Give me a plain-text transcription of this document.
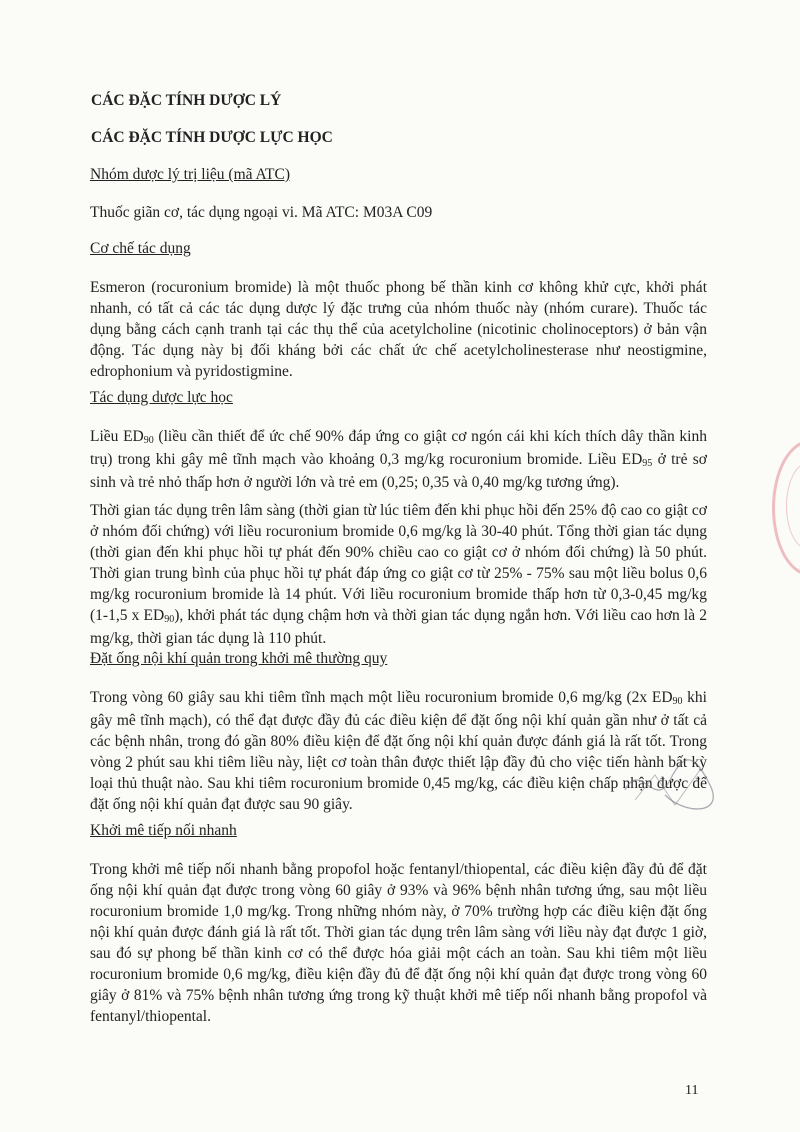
CÁC ĐẶC TÍNH DƯỢC LÝ
CÁC ĐẶC TÍNH DƯỢC LỰC HỌC

Nhóm dược lý trị liệu (mã ATC)

Thuốc giãn cơ, tác dụng ngoại vi. Mã ATC: M03A C09

Cơ chế tác dụng

Esmeron (rocuronium bromide) là một thuốc phong bế thần kinh cơ không khử cực, khởi phát nhanh, có tất cả các tác dụng dược lý đặc trưng của nhóm thuốc này (nhóm curare). Thuốc tác dụng bằng cách cạnh tranh tại các thụ thể của acetylcholine (nicotinic cholinoceptors) ở bản vận động. Tác dụng này bị đối kháng bởi các chất ức chế acetylcholinesterase như neostigmine, edrophonium và pyridostigmine.

Tác dụng dược lực học

Liều $ED_{90}$ (liều cần thiết để ức chế 90% đáp ứng co giật cơ ngón cái khi kích thích dây thần kinh trụ) trong khi gây mê tĩnh mạch vào khoảng 0,3 mg/kg rocuronium bromide. Liều $ED_{95}$ ở trẻ sơ sinh và trẻ nhỏ thấp hơn ở người lớn và trẻ em (0,25; 0,35 và 0,40 mg/kg tương ứng).

Thời gian tác dụng trên lâm sàng (thời gian từ lúc tiêm đến khi phục hồi đến 25% độ cao co giật cơ ở nhóm đối chứng) với liều rocuronium bromide 0,6 mg/kg là 30-40 phút. Tổng thời gian tác dụng (thời gian đến khi phục hồi tự phát đến 90% chiều cao co giật cơ ở nhóm đối chứng) là 50 phút. Thời gian trung bình của phục hồi tự phát đáp ứng co giật cơ từ 25% - 75% sau một liều bolus 0,6 mg/kg rocuronium bromide là 14 phút. Với liều rocuronium bromide thấp hơn từ 0,3-0,45 mg/kg (1-1,5 x $ED_{90}$), khởi phát tác dụng chậm hơn và thời gian tác dụng ngắn hơn. Với liều cao hơn là 2 mg/kg, thời gian tác dụng là 110 phút.

Đặt ống nội khí quản trong khởi mê thường quy

Trong vòng 60 giây sau khi tiêm tĩnh mạch một liều rocuronium bromide 0,6 mg/kg (2x $ED_{90}$ khi gây mê tĩnh mạch), có thể đạt được đầy đủ các điều kiện để đặt ống nội khí quản gần như ở tất cả các bệnh nhân, trong đó gần 80% điều kiện để đặt ống nội khí quản được đánh giá là rất tốt. Trong vòng 2 phút sau khi tiêm liều này, liệt cơ toàn thân được thiết lập đầy đủ cho việc tiến hành bất kỳ loại thủ thuật nào. Sau khi tiêm rocuronium bromide 0,45 mg/kg, các điều kiện chấp nhận được để đặt ống nội khí quản đạt được sau 90 giây.

Khởi mê tiếp nối nhanh

Trong khởi mê tiếp nối nhanh bằng propofol hoặc fentanyl/thiopental, các điều kiện đầy đủ để đặt ống nội khí quản đạt được trong vòng 60 giây ở 93% và 96% bệnh nhân tương ứng, sau một liều rocuronium bromide 1,0 mg/kg. Trong những nhóm này, ở 70% trường hợp các điều kiện đặt ống nội khí quản được đánh giá là rất tốt. Thời gian tác dụng trên lâm sàng với liều này đạt được 1 giờ, sau đó sự phong bế thần kinh cơ có thể được hóa giải một cách an toàn. Sau khi tiêm một liều rocuronium bromide 0,6 mg/kg, điều kiện đầy đủ để đặt ống nội khí quản đạt được trong vòng 60 giây ở 81% và 75% bệnh nhân tương ứng trong kỹ thuật khởi mê tiếp nối nhanh bằng propofol và fentanyl/thiopental.

11
